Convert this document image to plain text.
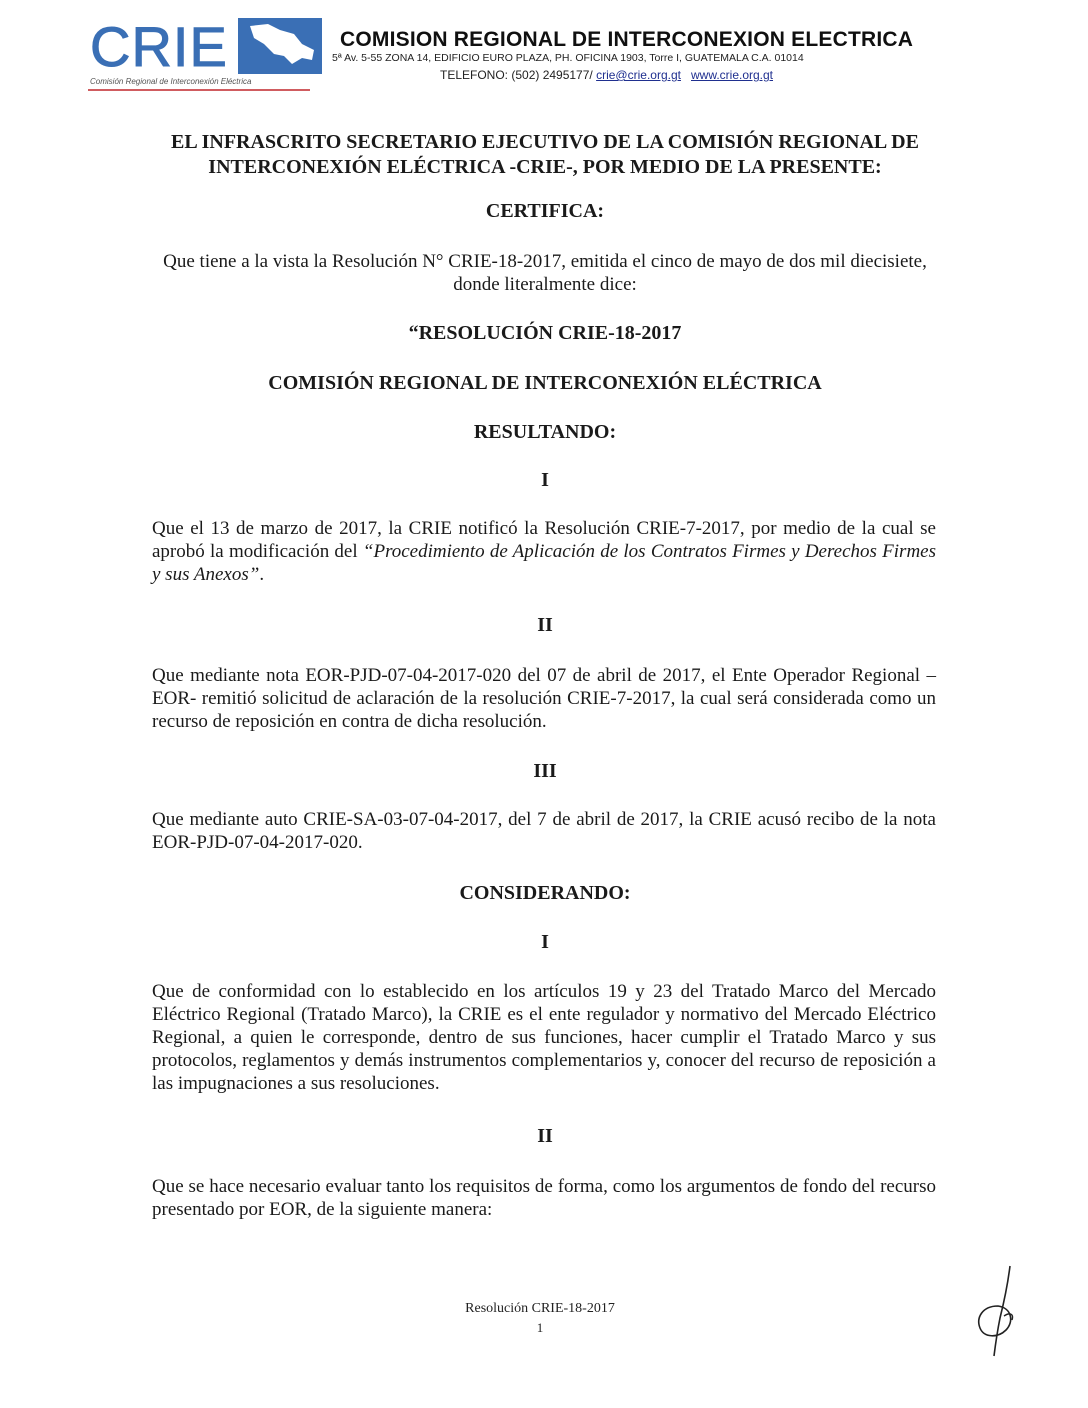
CRIE
Comisión Regional de Interconexión Eléctrica
COMISION REGIONAL DE INTERCONEXION ELECTRICA
5ª Av. 5-55 ZONA 14, EDIFICIO EURO PLAZA, PH. OFICINA 1903, Torre I, GUATEMALA C.A. 01014
TELEFONO: (502) 2495177/ crie@crie.org.gt www.crie.org.gt
EL INFRASCRITO SECRETARIO EJECUTIVO DE LA COMISIÓN REGIONAL DE INTERCONEXIÓN ELÉCTRICA -CRIE-, POR MEDIO DE LA PRESENTE:
CERTIFICA:
Que tiene a la vista la Resolución N° CRIE-18-2017, emitida el cinco de mayo de dos mil diecisiete, donde literalmente dice:
“RESOLUCIÓN CRIE-18-2017
COMISIÓN REGIONAL DE INTERCONEXIÓN ELÉCTRICA
RESULTANDO:
I
Que el 13 de marzo de 2017, la CRIE notificó la Resolución CRIE-7-2017, por medio de la cual se aprobó la modificación del “Procedimiento de Aplicación de los Contratos Firmes y Derechos Firmes y sus Anexos”.
II
Que mediante nota EOR-PJD-07-04-2017-020 del 07 de abril de 2017, el Ente Operador Regional – EOR- remitió solicitud de aclaración de la resolución CRIE-7-2017, la cual será considerada como un recurso de reposición en contra de dicha resolución.
III
Que mediante auto CRIE-SA-03-07-04-2017, del 7 de abril de 2017, la CRIE acusó recibo de la nota EOR-PJD-07-04-2017-020.
CONSIDERANDO:
I
Que de conformidad con lo establecido en los artículos 19 y 23 del Tratado Marco del Mercado Eléctrico Regional (Tratado Marco), la CRIE es el ente regulador y normativo del Mercado Eléctrico Regional, a quien le corresponde, dentro de sus funciones, hacer cumplir el Tratado Marco y sus protocolos, reglamentos y demás instrumentos complementarios y, conocer del recurso de reposición a las impugnaciones a sus resoluciones.
II
Que se hace necesario evaluar tanto los requisitos de forma, como los argumentos de fondo del recurso presentado por EOR, de la siguiente manera:
Resolución CRIE-18-2017
1
